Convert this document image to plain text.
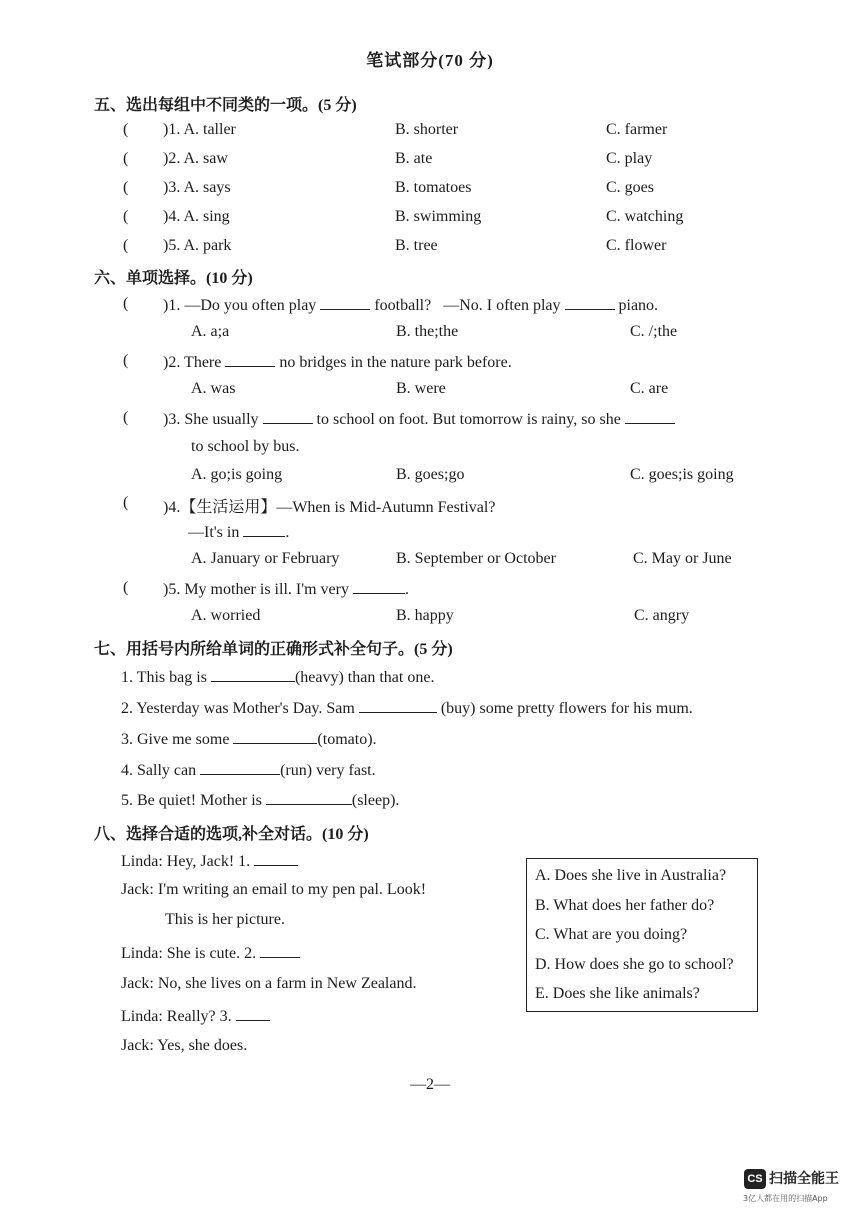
笔试部分(70 分)
五、选出每组中不同类的一项。(5 分)
( )1. A. taller	B. shorter	C. farmer
( )2. A. saw	B. ate	C. play
( )3. A. says	B. tomatoes	C. goes
( )4. A. sing	B. swimming	C. watching
( )5. A. park	B. tree	C. flower
六、单项选择。(10 分)
( )1. —Do you often play	football? —No. I often play	piano.
A. a;a	B. the;the	C. /;the
( )2. There	no bridges in the nature park before.
A. was	B. were	C. are
( )3. She usually	to school on foot. But tomorrow is rainy, so she
to school by bus.
A. go;is going	B. goes;go	C. goes;is going
( )4.【生活运用】—When is Mid-Autumn Festival?
—It's in	.
A. January or February	B. September or October	C. May or June
( )5. My mother is ill. I'm very	.
A. worried	B. happy	C. angry
七、用括号内所给单词的正确形式补全句子。(5 分)
1. This bag is	(heavy) than that one.
2. Yesterday was Mother's Day. Sam	(buy) some pretty flowers for his mum.
3. Give me some	(tomato).
4. Sally can	(run) very fast.
5. Be quiet! Mother is	(sleep).
八、选择合适的选项,补全对话。(10 分)
Linda: Hey, Jack! 1.
Jack: I'm writing an email to my pen pal. Look!
This is her picture.
Linda: She is cute. 2.
Jack: No, she lives on a farm in New Zealand.
Linda: Really? 3.
Jack: Yes, she does.
A. Does she live in Australia?
B. What does her father do?
C. What are you doing?
D. How does she go to school?
E. Does she like animals?
—2—
CS 扫描全能王
3亿人都在用的扫描App
